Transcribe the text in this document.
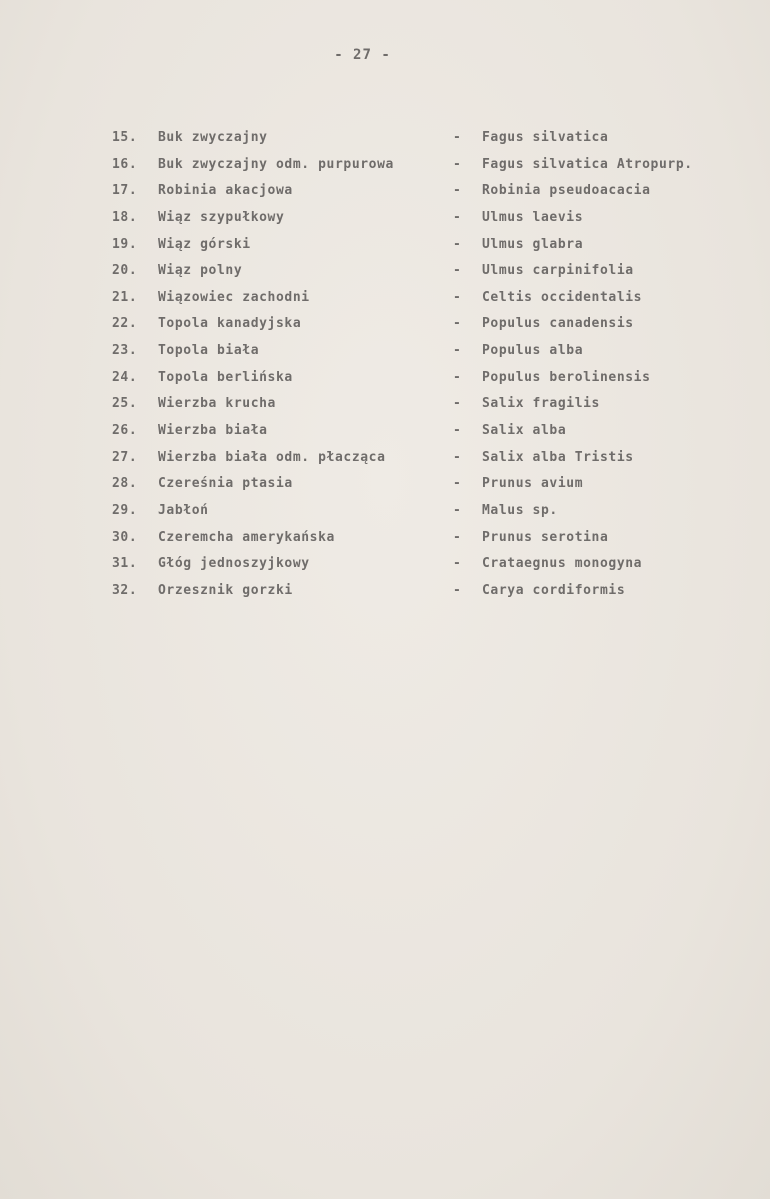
- 27 -
15. Buk zwyczajny	- Fagus silvatica
16. Buk zwyczajny odm. purpurowa	- Fagus silvatica Atropurp.
17. Robinia akacjowa	- Robinia pseudoacacia
18. Wiąz szypułkowy	- Ulmus laevis
19. Wiąz górski	- Ulmus glabra
20. Wiąz polny	- Ulmus carpinifolia
21. Wiązowiec zachodni	- Celtis occidentalis
22. Topola kanadyjska	- Populus canadensis
23. Topola biała	- Populus alba
24. Topola berlińska	- Populus berolinensis
25. Wierzba krucha	- Salix fragilis
26. Wierzba biała	- Salix alba
27. Wierzba biała odm. płacząca	- Salix alba Tristis
28. Czereśnia ptasia	- Prunus avium
29. Jabłoń	- Malus sp.
30. Czeremcha amerykańska	- Prunus serotina
31. Głóg jednoszyjkowy	- Crataegnus monogyna
32. Orzesznik gorzki	- Carya cordiformis
